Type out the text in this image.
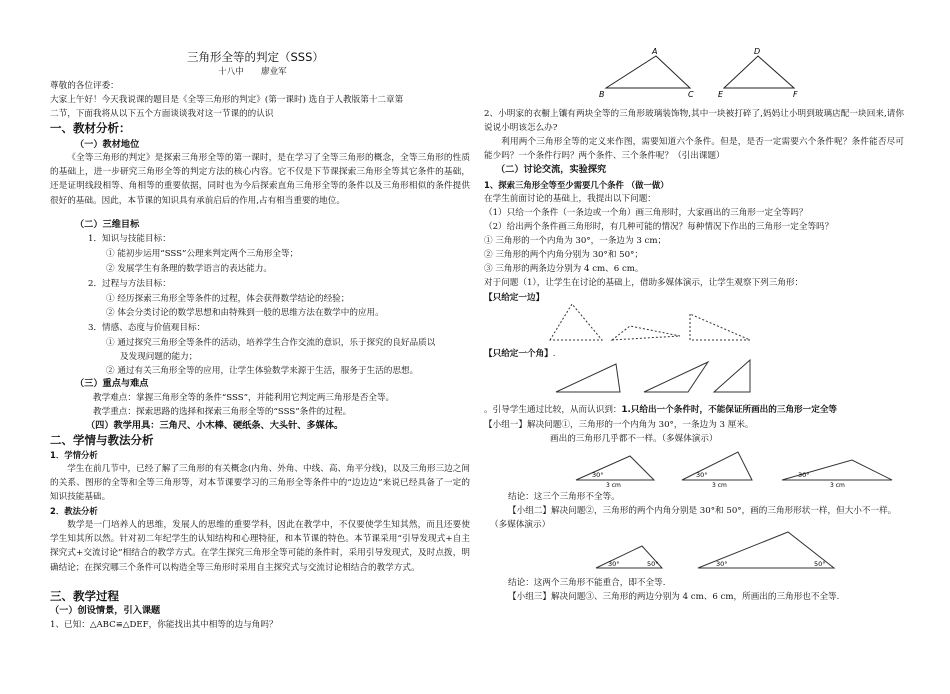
三角形全等的判定（SSS）
十八中　　廖业军
尊敬的各位评委：
大家上午好！今天我说课的题目是《全等三角形的判定》(第一课时) 选自于人教版第十二章第
二节，下面我将从以下五个方面谈谈我对这一节课的的认识
一、教材分析：
（一）教材地位
《全等三角形的判定》是探索三角形全等的第一课时，是在学习了全等三角形的概念，全等三角形的性质的基础上，进一步研究三角形全等的判定方法的核心内容。它不仅是下节课探索三角形全等其它条件的基础，还是证明线段相等、角相等的重要依据，同时也为今后探索直角三角形全等的条件以及三角形相似的条件提供很好的基础。因此，本节课的知识具有承前启后的作用,占有相当重要的地位。
（二）三维目标
1．知识与技能目标：
① 能初步运用“SSS”公理来判定两个三角形全等；
② 发展学生有条理的数学语言的表达能力。
2．过程与方法目标：
① 经历探索三角形全等条件的过程，体会获得数学结论的经验；
② 体会分类讨论的数学思想和由特殊到一般的思维方法在数学中的应用。
3．情感、态度与价值观目标：
① 通过探究三角形全等条件的活动，培养学生合作交流的意识，乐于探究的良好品质以
及发现问题的能力；
② 通过有关三角形全等的应用，让学生体验数学来源于生活，服务于生活的思想。
（三）重点与难点
教学难点：掌握三角形全等的条件“SSS”，并能利用它判定两三角形是否全等。
教学重点：探索思路的选择和探索三角形全等的“SSS”条件的过程。
（四）教学用具：三角尺、小木棒、硬纸条、大头针、多媒体。
二、学情与教法分析
1．学情分析
学生在前几节中，已经了解了三角形的有关概念(内角、外角、中线、高、角平分线)，以及三角形三边之间的关系、图形的全等和全等三角形等，对本节课要学习的三角形全等条件中的“边边边”来说已经具备了一定的知识技能基础。
2．教法分析
数学是一门培养人的思维，发展人的思维的重要学科，因此在教学中，不仅要使学生知其然，而且还要使学生知其所以然。针对初二年纪学生的认知结构和心理特征，和本节课的特色。本节课采用“引导发现式+自主探究式+交流讨论”相结合的教学方式。在学生探究三角形全等可能的条件时，采用引导发现式，及时点拨，明确结论；在探究哪三个条件可以构造全等三角形时采用自主探究式与交流讨论相结合的教学方式。
三、教学过程
（一）创设情景，引入课题
1、已知：△ABC≌△DEF，你能找出其中相等的边与角吗？
A	D
B	C	E	F
2、小明家的衣橱上镶有两块全等的三角形玻璃装饰物,其中一块被打碎了,妈妈让小明到玻璃店配一块回来,请你说说小明该怎么办?
利用两个三角形全等的定义来作图，需要知道六个条件。但是，是否一定需要六个条件呢？条件能否尽可能少吗？一个条件行吗？两个条件、三个条件呢？（引出课题）
（二）讨论交流，实验探究
1、探索三角形全等至少需要几个条件 （做一做）
在学生前面讨论的基础上，我提出以下问题：
（1）只给一个条件（一条边或一个角）画三角形时，大家画出的三角形一定全等吗？
（2）给出两个条件画三角形时，有几种可能的情况？每种情况下作出的三角形一定全等吗？
① 三角形的一个内角为 30°，一条边为 3 cm；
② 三角形的两个内角分别为 30°和 50°；
③ 三角形的两条边分别为 4 cm、6 cm。
对于问题（1），让学生在讨论的基础上，借助多媒体演示，让学生观察下列三角形：
【只给定一边】
【只给定一个角】.
。引导学生通过比较，从而认识到：1.只给出一个条件时，不能保证所画出的三角形一定全等
【小组一】解决问题①，三角形的一个内角为 30°，一条边为 3 厘米。
画出的三角形几乎都不一样。（多媒体演示）
30°
3 cm
30°
3 cm
30°
3 cm
结论：这三个三角形不全等。
【小组二】解决问题②，三角形的两个内角分别是 30°和 50°，画的三角形形状一样，但大小不一样。
（多媒体演示）
30°	50°	30°	50°
结论：这两个三角形不能重合，即不全等.
【小组三】解决问题③、三角形的两边分别为 4 cm、6 cm，所画出的三角形也不全等.
